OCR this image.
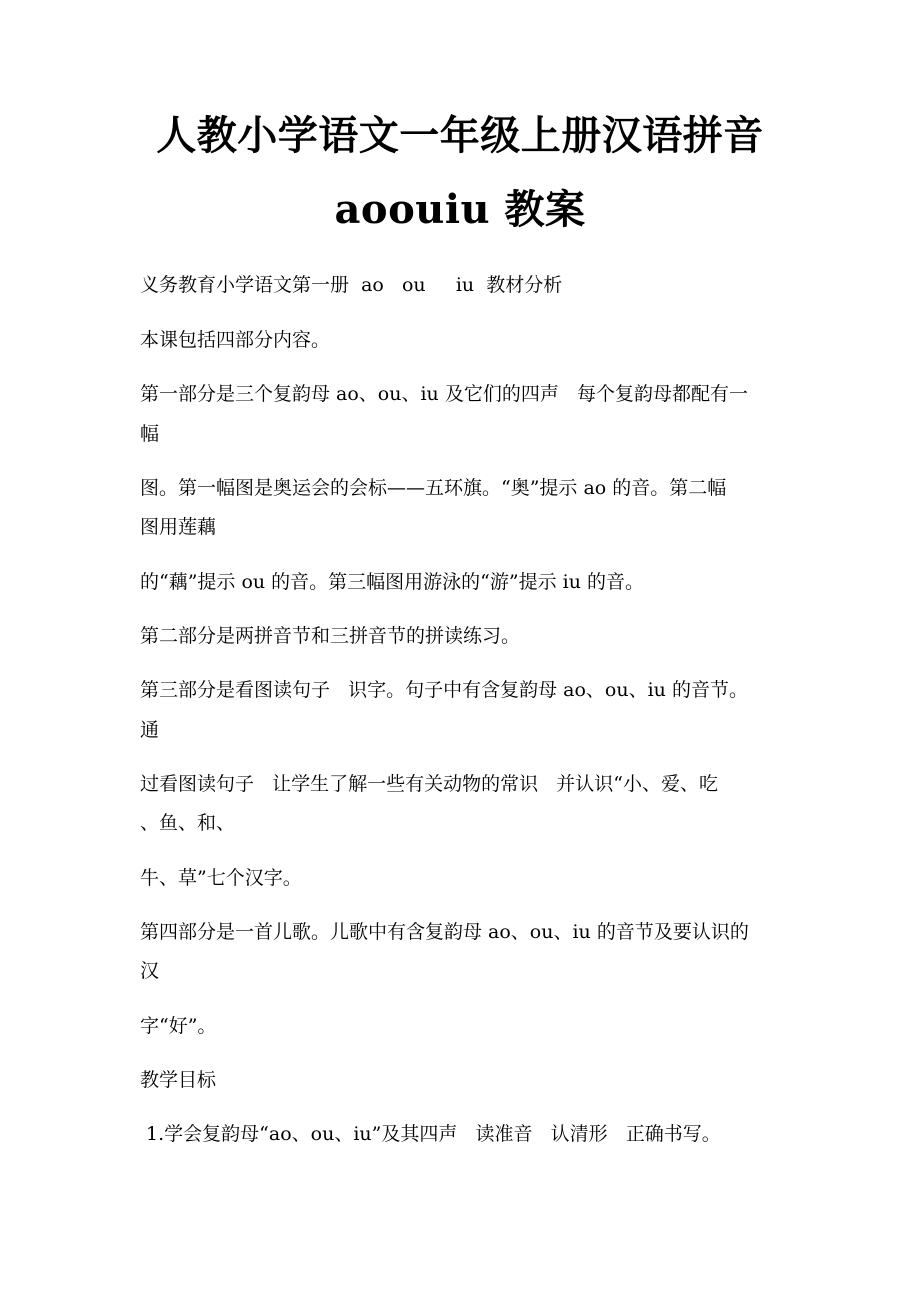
人教小学语文一年级上册汉语拼音
aoouiu 教案
义务教育小学语文第一册  ao   ou     iu  教材分析
本课包括四部分内容。
第一部分是三个复韵母 ao、ou、iu 及它们的四声   每个复韵母都配有一
幅
图。第一幅图是奥运会的会标——五环旗。“奥”提示 ao 的音。第二幅
图用莲藕
的“藕”提示 ou 的音。第三幅图用游泳的“游”提示 iu 的音。
第二部分是两拼音节和三拼音节的拼读练习。
第三部分是看图读句子   识字。句子中有含复韵母 ao、ou、iu 的音节。
通
过看图读句子   让学生了解一些有关动物的常识   并认识“小、爱、吃
、鱼、和、
牛、草”七个汉字。
第四部分是一首儿歌。儿歌中有含复韵母 ao、ou、iu 的音节及要认识的
汉
字“好”。
教学目标
1.学会复韵母“ao、ou、iu”及其四声   读准音   认清形   正确书写。
